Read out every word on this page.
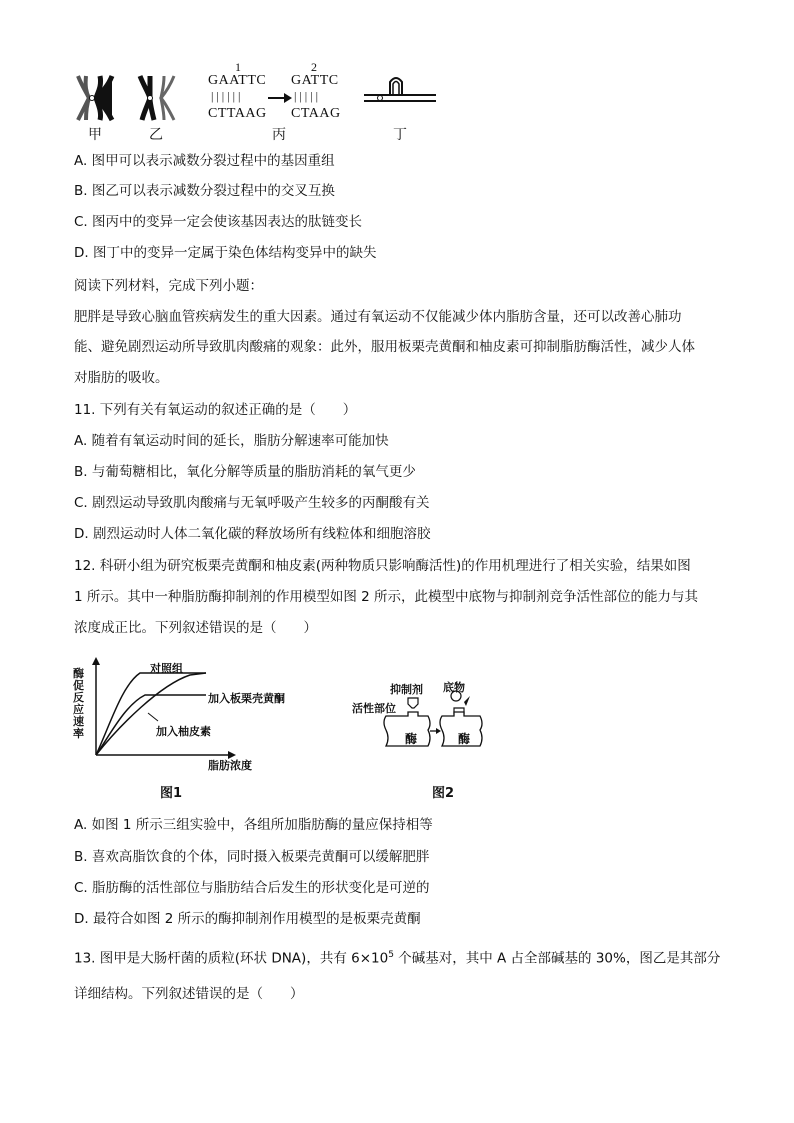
1	2
GAATTC
| | | | | |
CTTAAG
GATTC
| | | | |
CTAAG
甲	乙	丙	丁
A. 图甲可以表示减数分裂过程中的基因重组
B. 图乙可以表示减数分裂过程中的交叉互换
C. 图丙中的变异一定会使该基因表达的肽链变长
D. 图丁中的变异一定属于染色体结构变异中的缺失
阅读下列材料，完成下列小题：
肥胖是导致心脑血管疾病发生的重大因素。通过有氧运动不仅能减少体内脂肪含量，还可以改善心肺功
能、避免剧烈运动所导致肌肉酸痛的观象：此外，服用板栗壳黄酮和柚皮素可抑制脂肪酶活性，减少人体
对脂肪的吸收。
11. 下列有关有氧运动的叙述正确的是（　　）
A. 随着有氧运动时间的延长，脂肪分解速率可能加快
B. 与葡萄糖相比，氧化分解等质量的脂肪消耗的氧气更少
C. 剧烈运动导致肌肉酸痛与无氧呼吸产生较多的丙酮酸有关
D. 剧烈运动时人体二氧化碳的释放场所有线粒体和细胞溶胶
12. 科研小组为研究板栗壳黄酮和柚皮素(两种物质只影响酶活性)的作用机理进行了相关实验，结果如图
1 所示。其中一种脂肪酶抑制剂的作用模型如图 2 所示，此模型中底物与抑制剂竞争活性部位的能力与其
浓度成正比。下列叙述错误的是（　　）
酶促反应速率
对照组
加入板栗壳黄酮
加入柚皮素
脂肪浓度
图1
抑制剂 底物
活性部位
酶	酶
图2
A. 如图 1 所示三组实验中，各组所加脂肪酶的量应保持相等
B. 喜欢高脂饮食的个体，同时摄入板栗壳黄酮可以缓解肥胖
C. 脂肪酶的活性部位与脂肪结合后发生的形状变化是可逆的
D. 最符合如图 2 所示的酶抑制剂作用模型的是板栗壳黄酮
13. 图甲是大肠杆菌的质粒(环状 DNA)，共有 $6\times 10^5$ 个碱基对，其中 A 占全部碱基的 30%，图乙是其部分
详细结构。下列叙述错误的是（　　）
